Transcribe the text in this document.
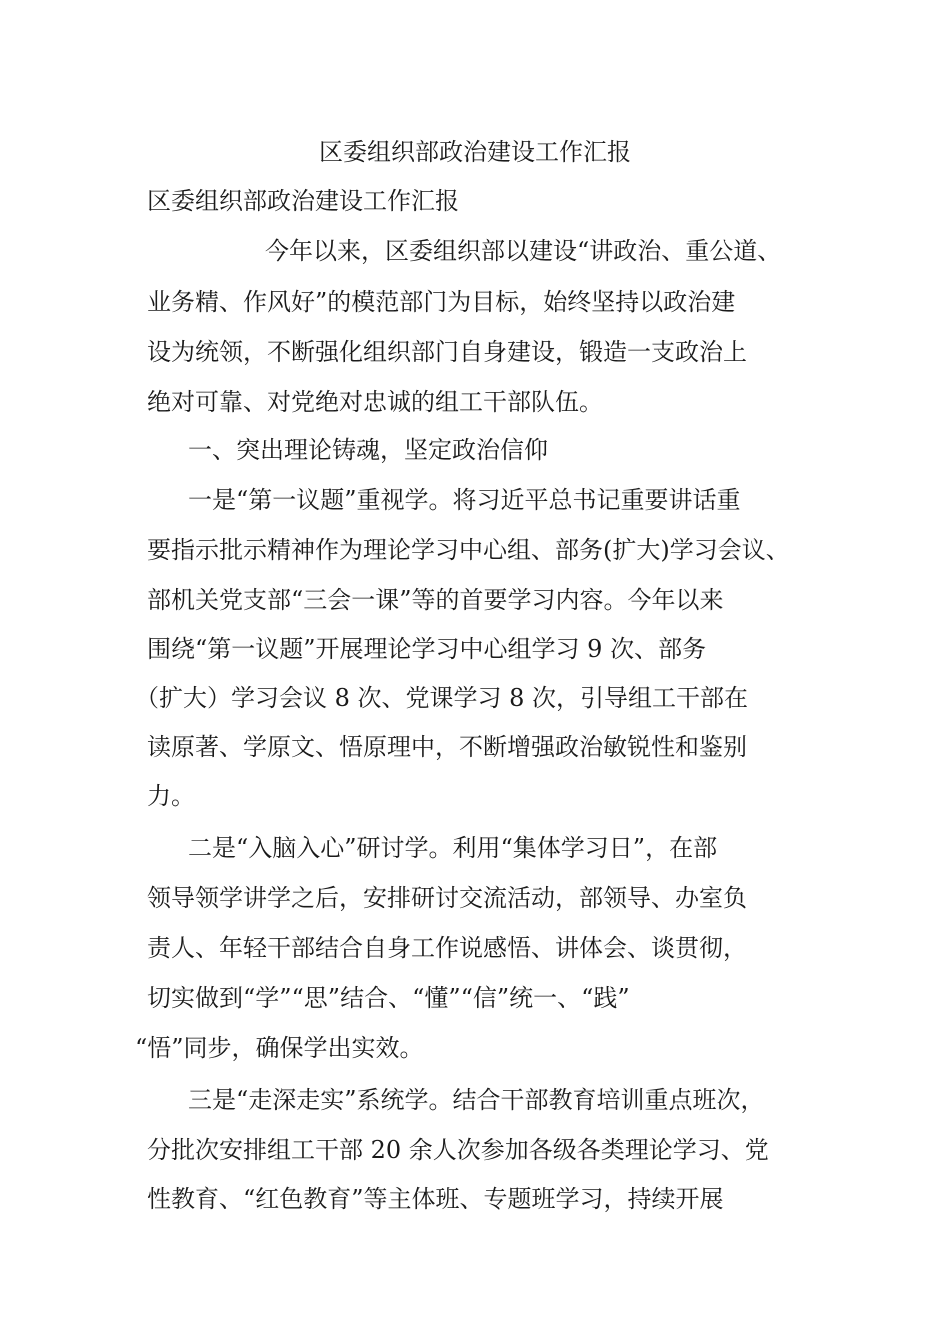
区委组织部政治建设工作汇报
区委组织部政治建设工作汇报
今年以来，区委组织部以建设“讲政治、重公道、
业务精、作风好”的模范部门为目标，始终坚持以政治建
设为统领，不断强化组织部门自身建设，锻造一支政治上
绝对可靠、对党绝对忠诚的组工干部队伍。
一、突出理论铸魂，坚定政治信仰
一是“第一议题”重视学。将习近平总书记重要讲话重
要指示批示精神作为理论学习中心组、部务(扩大)学习会议、
部机关党支部“三会一课”等的首要学习内容。今年以来
围绕“第一议题”开展理论学习中心组学习 9 次、部务
（扩大）学习会议 8 次、党课学习 8 次，引导组工干部在
读原著、学原文、悟原理中，不断增强政治敏锐性和鉴别
力。
二是“入脑入心”研讨学。利用“集体学习日”，在部
领导领学讲学之后，安排研讨交流活动，部领导、办室负
责人、年轻干部结合自身工作说感悟、讲体会、谈贯彻，
切实做到“学”“思”结合、“懂”“信”统一、“践”
“悟”同步，确保学出实效。
三是“走深走实”系统学。结合干部教育培训重点班次，
分批次安排组工干部 20 余人次参加各级各类理论学习、党
性教育、“红色教育”等主体班、专题班学习，持续开展
